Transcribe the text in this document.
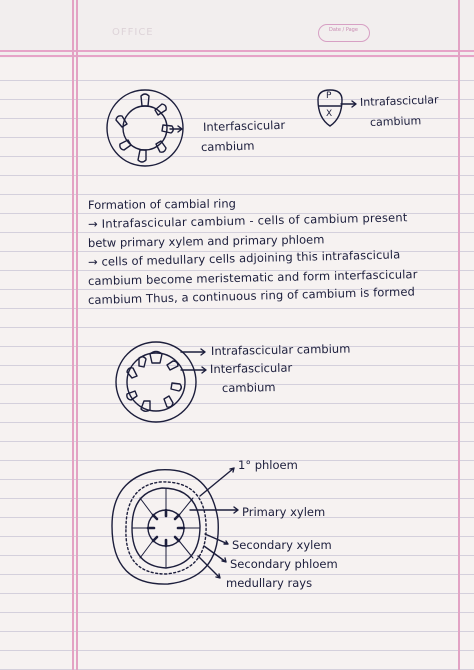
OFFICE	Date / Page
Interfascicular
cambium
P
X
Intrafascicular
cambium
Formation of cambial ring
→ Intrafascicular cambium - cells of cambium present
betw primary xylem and primary phloem
→ cells of medullary cells adjoining this intrafascicula
cambium become meristematic and form interfascicular
cambium Thus, a continuous ring of cambium is formed
Intrafascicular cambium
Interfascicular
cambium
1° phloem
Primary xylem
Secondary xylem
Secondary phloem
medullary rays
